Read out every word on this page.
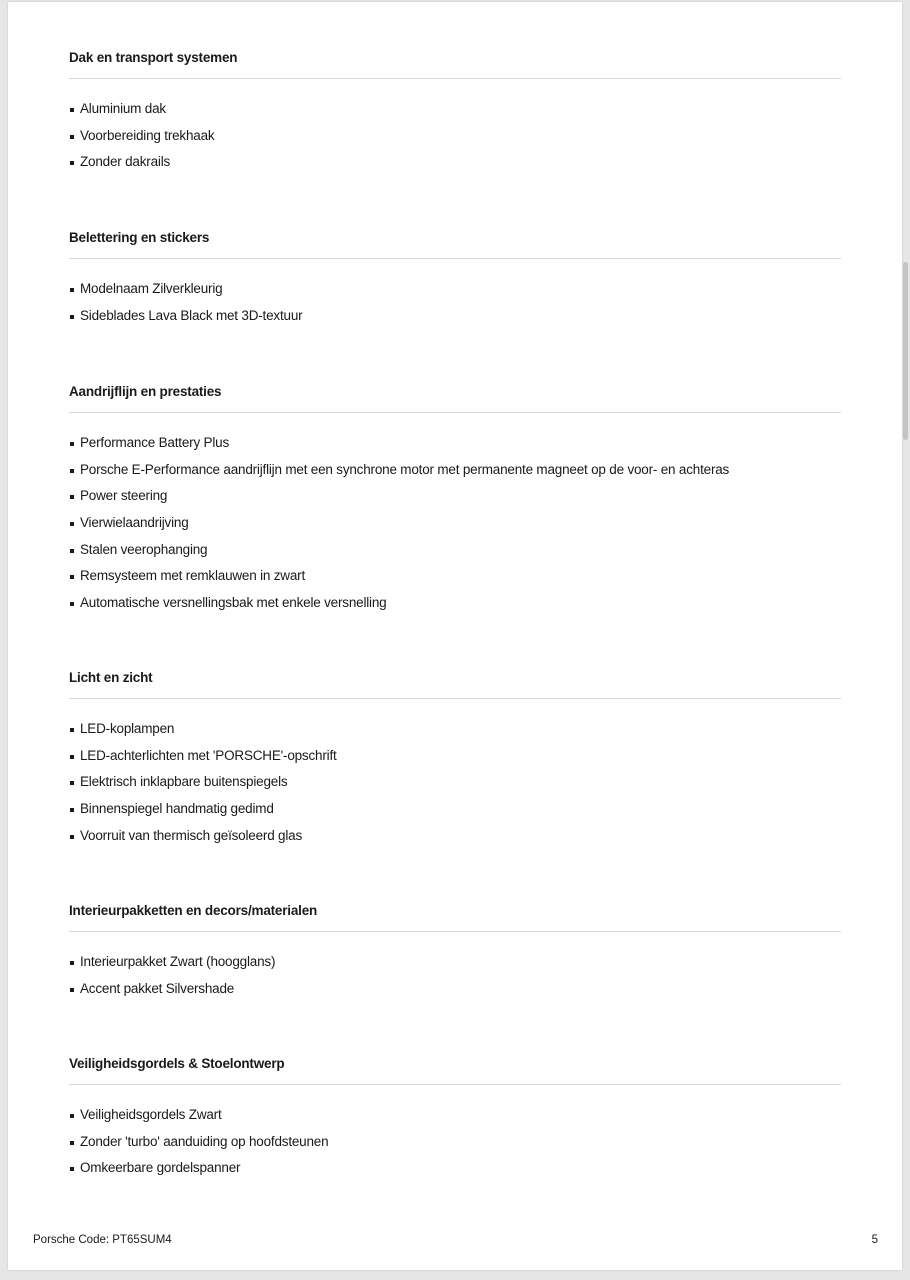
Dak en transport systemen
Aluminium dak
Voorbereiding trekhaak
Zonder dakrails
Belettering en stickers
Modelnaam Zilverkleurig
Sideblades Lava Black met 3D-textuur
Aandrijflijn en prestaties
Performance Battery Plus
Porsche E-Performance aandrijflijn met een synchrone motor met permanente magneet op de voor- en achteras
Power steering
Vierwielaandrijving
Stalen veerophanging
Remsysteem met remklauwen in zwart
Automatische versnellingsbak met enkele versnelling
Licht en zicht
LED-koplampen
LED-achterlichten met 'PORSCHE'-opschrift
Elektrisch inklapbare buitenspiegels
Binnenspiegel handmatig gedimd
Voorruit van thermisch geïsoleerd glas
Interieurpakketten en decors/materialen
Interieurpakket Zwart (hoogglans)
Accent pakket Silvershade
Veiligheidsgordels & Stoelontwerp
Veiligheidsgordels Zwart
Zonder 'turbo' aanduiding op hoofdsteunen
Omkeerbare gordelspanner
Porsche Code: PT65SUM4	5
